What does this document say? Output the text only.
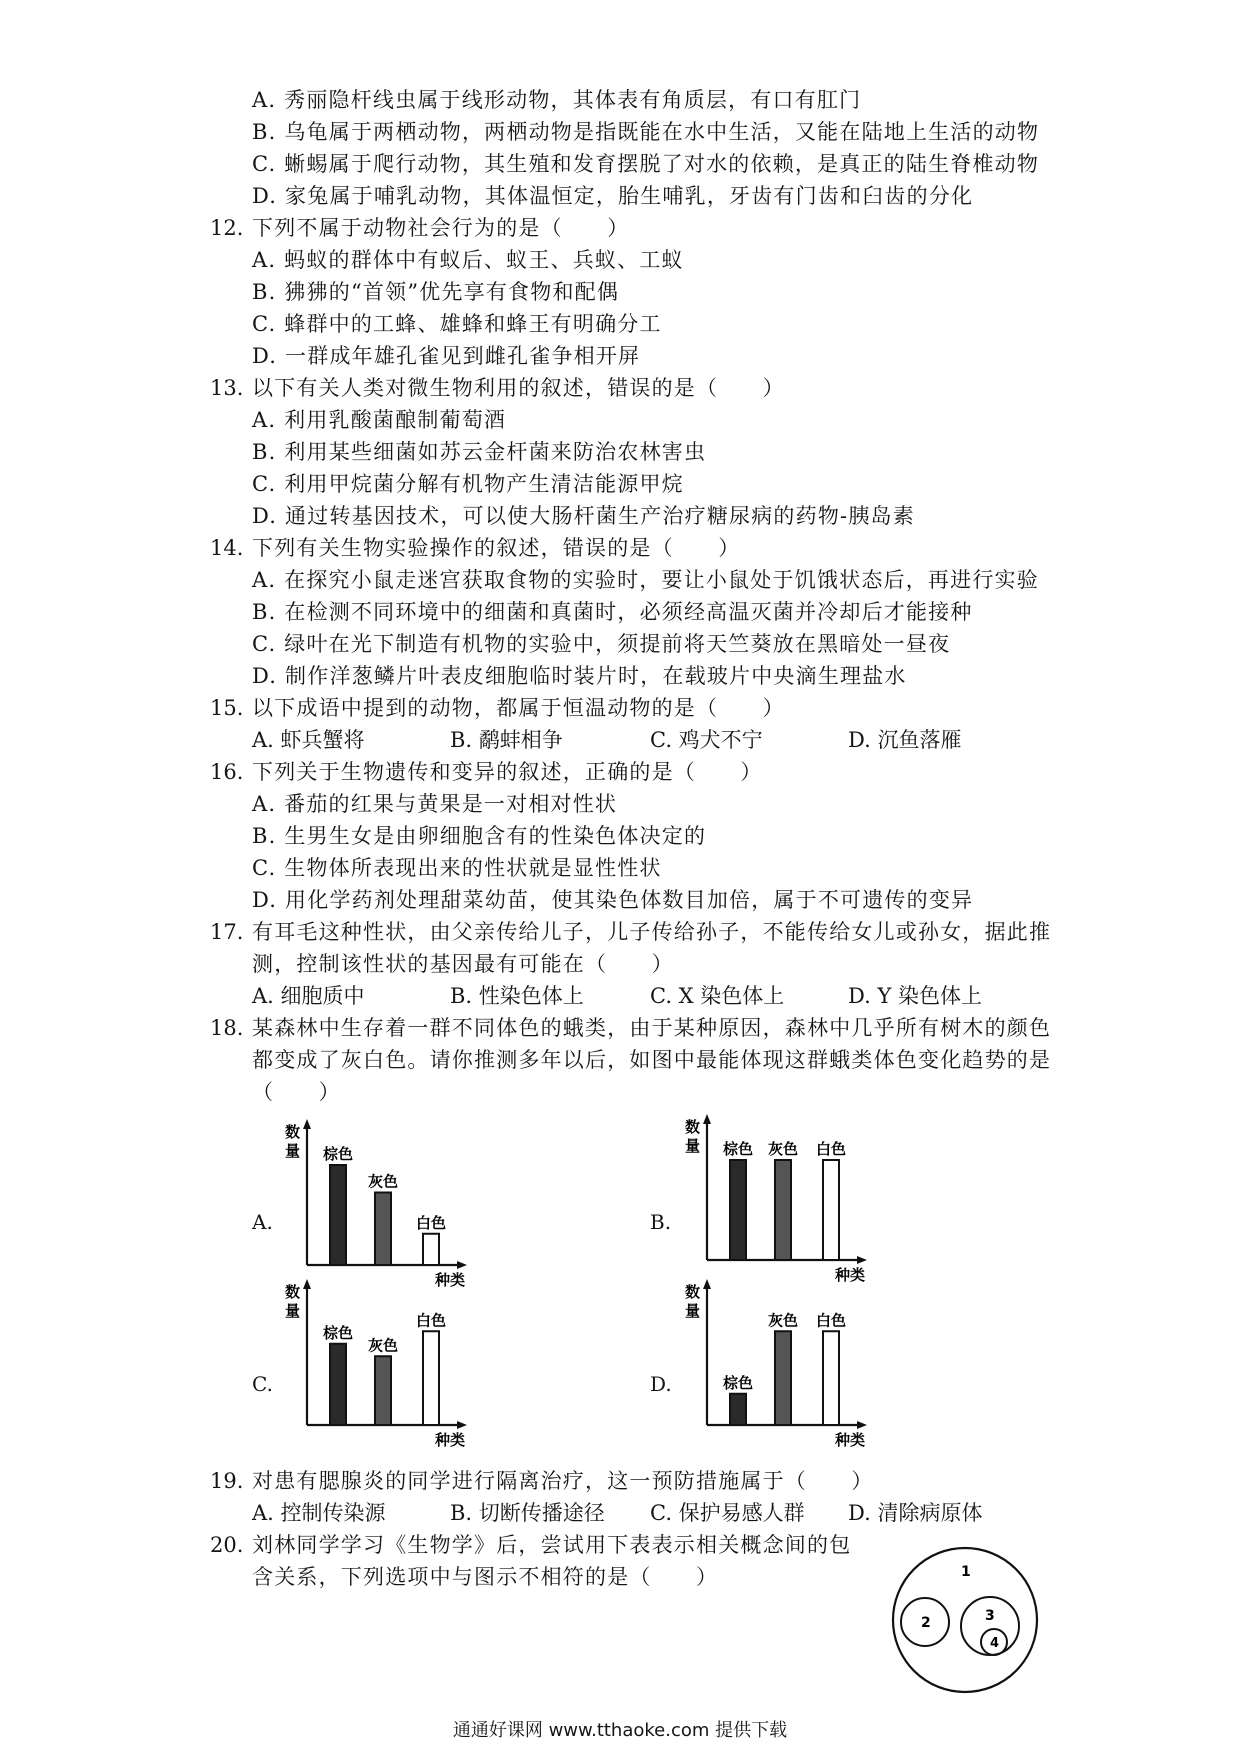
A. 秀丽隐杆线虫属于线形动物，其体表有角质层，有口有肛门
B. 乌龟属于两栖动物，两栖动物是指既能在水中生活，又能在陆地上生活的动物
C. 蜥蜴属于爬行动物，其生殖和发育摆脱了对水的依赖，是真正的陆生脊椎动物
D. 家兔属于哺乳动物，其体温恒定，胎生哺乳，牙齿有门齿和臼齿的分化
12. 下列不属于动物社会行为的是（　　）
A. 蚂蚁的群体中有蚁后、蚁王、兵蚁、工蚁
B. 狒狒的“首领”优先享有食物和配偶
C. 蜂群中的工蜂、雄蜂和蜂王有明确分工
D. 一群成年雄孔雀见到雌孔雀争相开屏
13. 以下有关人类对微生物利用的叙述，错误的是（　　）
A. 利用乳酸菌酿制葡萄酒
B. 利用某些细菌如苏云金杆菌来防治农林害虫
C. 利用甲烷菌分解有机物产生清洁能源甲烷
D. 通过转基因技术，可以使大肠杆菌生产治疗糖尿病的药物-胰岛素
14. 下列有关生物实验操作的叙述，错误的是（　　）
A. 在探究小鼠走迷宫获取食物的实验时，要让小鼠处于饥饿状态后，再进行实验
B. 在检测不同环境中的细菌和真菌时，必须经高温灭菌并冷却后才能接种
C. 绿叶在光下制造有机物的实验中，须提前将天竺葵放在黑暗处一昼夜
D. 制作洋葱鳞片叶表皮细胞临时装片时，在载玻片中央滴生理盐水
15. 以下成语中提到的动物，都属于恒温动物的是（　　）
A. 虾兵蟹将	B. 鹬蚌相争	C. 鸡犬不宁	D. 沉鱼落雁
16. 下列关于生物遗传和变异的叙述，正确的是（　　）
A. 番茄的红果与黄果是一对相对性状
B. 生男生女是由卵细胞含有的性染色体决定的
C. 生物体所表现出来的性状就是显性性状
D. 用化学药剂处理甜菜幼苗，使其染色体数目加倍，属于不可遗传的变异
17. 有耳毛这种性状，由父亲传给儿子，儿子传给孙子，不能传给女儿或孙女，据此推
测，控制该性状的基因最有可能在（　　）
A. 细胞质中	B. 性染色体上	C. X 染色体上	D. Y 染色体上
18. 某森林中生存着一群不同体色的蛾类，由于某种原因，森林中几乎所有树木的颜色
都变成了灰白色。请你推测多年以后，如图中最能体现这群蛾类体色变化趋势的是
（　　）
A.
数
量
种类
棕色
灰色
白色	B.
数
量
种类
棕色 灰色 白色
C.
数
量
种类
棕色
灰色
白色
D.
数
量
种类
棕色
灰色 白色
19. 对患有腮腺炎的同学进行隔离治疗，这一预防措施属于（　　）
A. 控制传染源	B. 切断传播途径 C. 保护易感人群 D. 清除病原体
20. 刘林同学学习《生物学》后，尝试用下表表示相关概念间的包
含关系，下列选项中与图示不相符的是（　　）	1
2	3
4
通通好课网 www.tthaoke.com 提供下载
